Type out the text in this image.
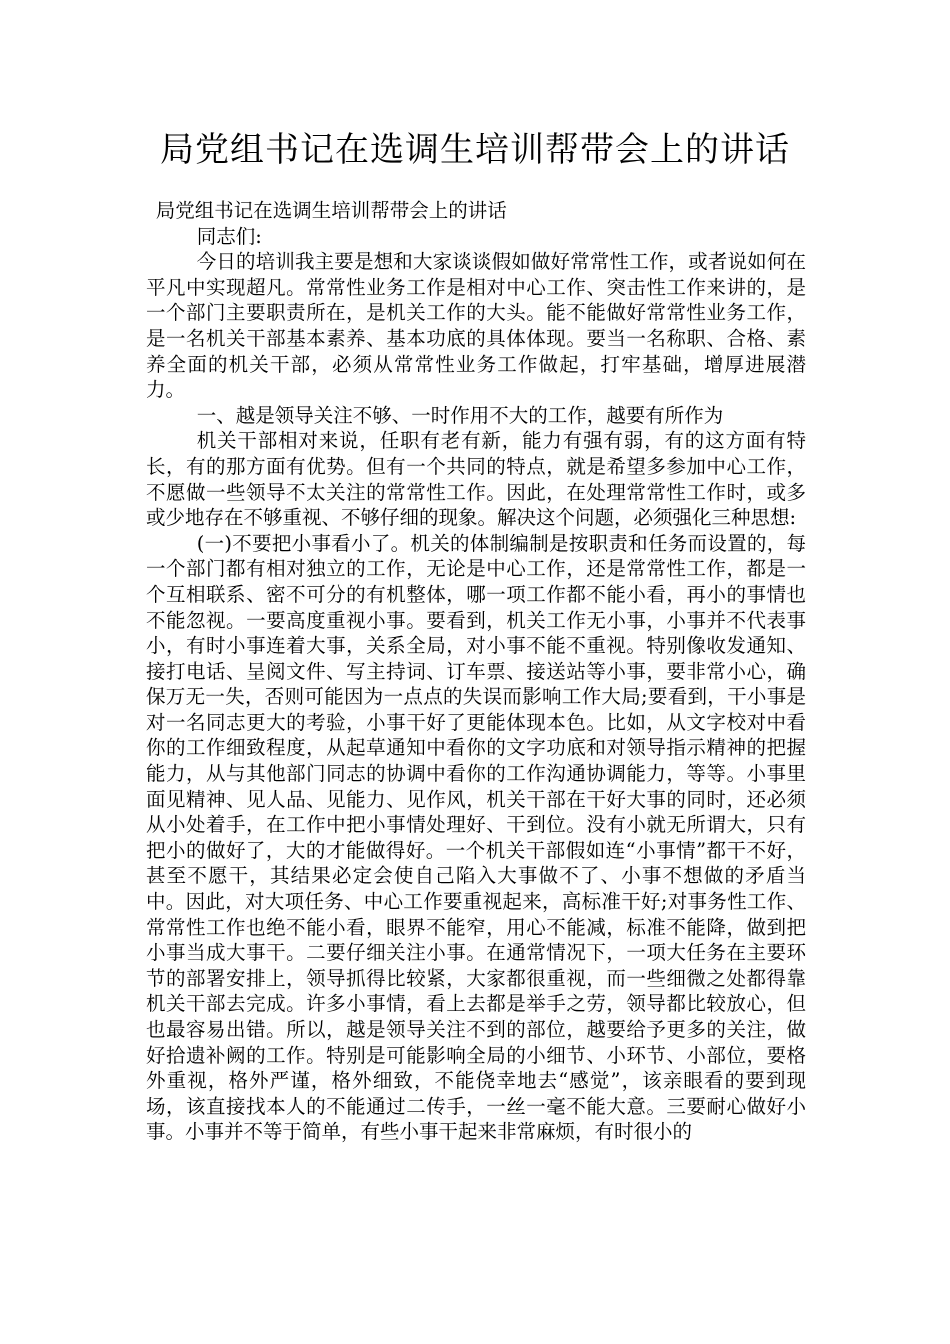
局党组书记在选调生培训帮带会上的讲话

局党组书记在选调生培训帮带会上的讲话

同志们:

今日的培训我主要是想和大家谈谈假如做好常常性工作，或者说如何在平凡中实现超凡。常常性业务工作是相对中心工作、突击性工作来讲的，是一个部门主要职责所在，是机关工作的大头。能不能做好常常性业务工作，是一名机关干部基本素养、基本功底的具体体现。要当一名称职、合格、素养全面的机关干部，必须从常常性业务工作做起，打牢基础，增厚进展潜力。

一、越是领导关注不够、一时作用不大的工作，越要有所作为

机关干部相对来说，任职有老有新，能力有强有弱，有的这方面有特长，有的那方面有优势。但有一个共同的特点，就是希望多参加中心工作，不愿做一些领导不太关注的常常性工作。因此，在处理常常性工作时，或多或少地存在不够重视、不够仔细的现象。解决这个问题，必须强化三种思想:

(一)不要把小事看小了。机关的体制编制是按职责和任务而设置的，每一个部门都有相对独立的工作，无论是中心工作，还是常常性工作，都是一个互相联系、密不可分的有机整体，哪一项工作都不能小看，再小的事情也不能忽视。一要高度重视小事。要看到，机关工作无小事，小事并不代表事小，有时小事连着大事，关系全局，对小事不能不重视。特别像收发通知、接打电话、呈阅文件、写主持词、订车票、接送站等小事，要非常小心，确保万无一失，否则可能因为一点点的失误而影响工作大局;要看到，干小事是对一名同志更大的考验，小事干好了更能体现本色。比如，从文字校对中看你的工作细致程度，从起草通知中看你的文字功底和对领导指示精神的把握能力，从与其他部门同志的协调中看你的工作沟通协调能力，等等。小事里面见精神、见人品、见能力、见作风，机关干部在干好大事的同时，还必须从小处着手，在工作中把小事情处理好、干到位。没有小就无所谓大，只有把小的做好了，大的才能做得好。一个机关干部假如连“小事情”都干不好，甚至不愿干，其结果必定会使自己陷入大事做不了、小事不想做的矛盾当中。因此，对大项任务、中心工作要重视起来，高标准干好;对事务性工作、常常性工作也绝不能小看，眼界不能窄，用心不能减，标准不能降，做到把小事当成大事干。二要仔细关注小事。在通常情况下，一项大任务在主要环节的部署安排上，领导抓得比较紧，大家都很重视，而一些细微之处都得靠机关干部去完成。许多小事情，看上去都是举手之劳，领导都比较放心，但也最容易出错。所以，越是领导关注不到的部位，越要给予更多的关注，做好拾遗补阙的工作。特别是可能影响全局的小细节、小环节、小部位，要格外重视，格外严谨，格外细致，不能侥幸地去“感觉”，该亲眼看的要到现场，该直接找本人的不能通过二传手，一丝一毫不能大意。三要耐心做好小事。小事并不等于简单，有些小事干起来非常麻烦，有时很小的
